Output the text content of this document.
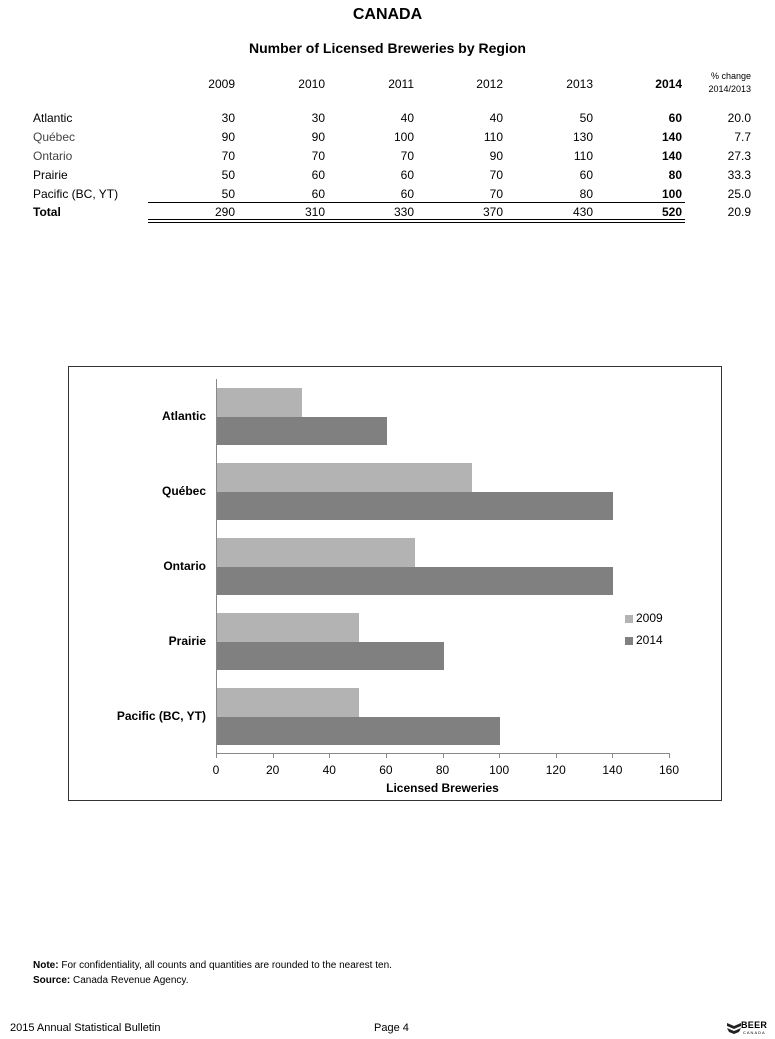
CANADA
Number of Licensed Breweries by Region
2009	2010	2011	2012	2013	2014
% change
2014/2013
Atlantic	30	30	40	40	50	60	20.0
Québec	90	90	100	110	130	140	7.7
Ontario	70	70	70	90	110	140	27.3
Prairie	50	60	60	70	60	80	33.3
Pacific (BC, YT)	50	60	60	70	80	100	25.0
Total	290	310	330	370	430	520	20.9
Atlantic
Québec
Ontario
Prairie
Pacific (BC, YT)
0	20	40	60	80	100	120	140	160
Licensed Breweries
2009
2014
Note: For confidentiality, all counts and quantities are rounded to the nearest ten.
Source: Canada Revenue Agency.
2015 Annual Statistical Bulletin	Page 4	BEER
CANADA
